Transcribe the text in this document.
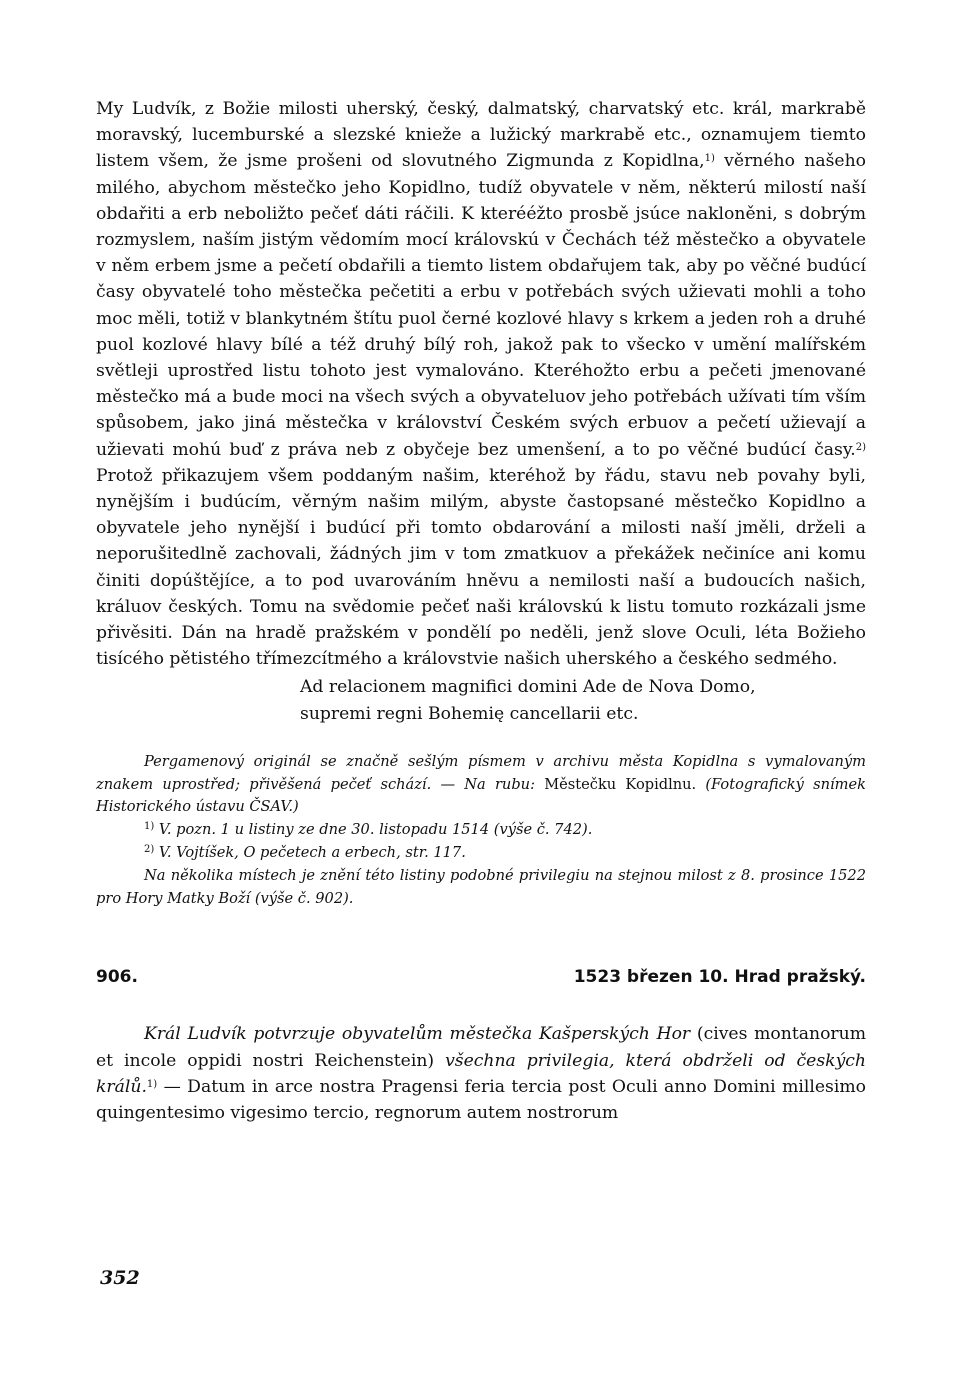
My Ludvík, z Božie milosti uherský, český, dalmatský, charvatský etc. král, markrabě moravský, lucemburské a slezské knieže a lužický markrabě etc., oznamujem tiemto listem všem, že jsme prošeni od slovutného Zigmunda z Kopidlna,$^{1)}$ věrného našeho milého, abychom městečko jeho Kopidlno, tudíž obyvatele v něm, některú milostí naší obdařiti a erb neboližto pečeť dáti ráčili. K kterééžto prosbě jsúce nakloněni, s dobrým rozmyslem, naším jistým vědomím mocí královskú v Čechách též městečko a obyvatele v něm erbem jsme a pečetí obdařili a tiemto listem obdařujem tak, aby po věčné budúcí časy obyvatelé toho městečka pečetiti a erbu v potřebách svých užievati mohli a toho moc měli, totiž v blankytném štítu puol černé kozlové hlavy s krkem a jeden roh a druhé puol kozlové hlavy bílé a též druhý bílý roh, jakož pak to všecko v umění malířském světleji uprostřed listu tohoto jest vymalováno. Kteréhožto erbu a pečeti jmenované městečko má a bude moci na všech svých a obyvateluov jeho potřebách užívati tím vším spůsobem, jako jiná městečka v království Českém svých erbuov a pečetí užievají a užievati mohú buď z práva neb z obyčeje bez umenšení, a to po věčné budúcí časy.$^{2)}$ Protož přikazujem všem poddaným našim, kteréhož by řádu, stavu neb povahy byli, nynějším i budúcím, věrným našim milým, abyste častopsané městečko Kopidlno a obyvatele jeho nynější i budúcí při tomto obdarování a milosti naší jměli, drželi a neporušitedlně zachovali, žádných jim v tom zmatkuov a překážek nečiníce ani komu činiti dopúštějíce, a to pod uvarováním hněvu a nemilosti naší a budoucích našich, králuov českých. Tomu na svědomie pečeť naši královskú k listu tomuto rozkázali jsme přivěsiti. Dán na hradě pražském v pondělí po neděli, jenž slove Oculi, léta Božieho tisícého pětistého třímezcítmého a královstvie našich uherského a českého sedmého.

Ad relacionem magnifici domini Ade de Nova Domo,
supremi regni Bohemię cancellarii etc.

Pergamenový originál se značně sešlým písmem v archivu města Kopidlna s vymalovaným znakem uprostřed; přivěšená pečeť schází. — Na rubu: Městečku Kopidlnu. (Fotografický snímek Historického ústavu ČSAV.)

$^{1)}$ V. pozn. 1 u listiny ze dne 30. listopadu 1514 (výše č. 742).

$^{2)}$ V. Vojtíšek, O pečetech a erbech, str. 117.

Na několika místech je znění této listiny podobné privilegiu na stejnou milost z 8. prosince 1522 pro Hory Matky Boží (výše č. 902).

906.	1523 březen 10. Hrad pražský.

Král Ludvík potvrzuje obyvatelům městečka Kašperských Hor (cives montanorum et incole oppidi nostri Reichenstein) všechna privilegia, která obdrželi od českých králů.$^{1)}$ — Datum in arce nostra Pragensi feria tercia post Oculi anno Domini millesimo quingentesimo vigesimo tercio, regnorum autem nostrorum

352
